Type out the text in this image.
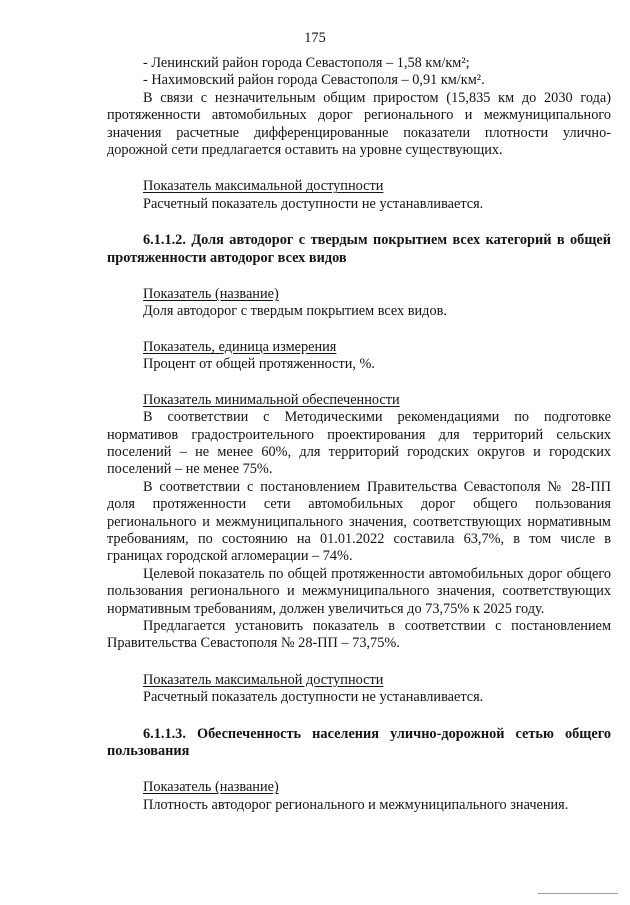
175
- Ленинский район города Севастополя – 1,58 км/км²;
- Нахимовский район города Севастополя – 0,91 км/км².

В связи с незначительным общим приростом (15,835 км до 2030 года) протяженности автомобильных дорог регионального и межмуниципального значения расчетные дифференцированные показатели плотности улично-дорожной сети предлагается оставить на уровне существующих.

Показатель максимальной доступности
Расчетный показатель доступности не устанавливается.

6.1.1.2. Доля автодорог с твердым покрытием всех категорий в общей протяженности автодорог всех видов

Показатель (название)
Доля автодорог с твердым покрытием всех видов.
Показатель, единица измерения
Процент от общей протяженности, %.
Показатель минимальной обеспеченности

В соответствии с Методическими рекомендациями по подготовке нормативов градостроительного проектирования для территорий сельских поселений – не менее 60%, для территорий городских округов и городских поселений – не менее 75%.

В соответствии с постановлением Правительства Севастополя № 28-ПП доля протяженности сети автомобильных дорог общего пользования регионального и межмуниципального значения, соответствующих нормативным требованиям, по состоянию на 01.01.2022 составила 63,7%, в том числе в границах городской агломерации – 74%.

Целевой показатель по общей протяженности автомобильных дорог общего пользования регионального и межмуниципального значения, соответствующих нормативным требованиям, должен увеличиться до 73,75% к 2025 году.

Предлагается установить показатель в соответствии с постановлением Правительства Севастополя № 28-ПП – 73,75%.

Показатель максимальной доступности
Расчетный показатель доступности не устанавливается.

6.1.1.3. Обеспеченность населения улично-дорожной сетью общего пользования

Показатель (название)
Плотность автодорог регионального и межмуниципального значения.
